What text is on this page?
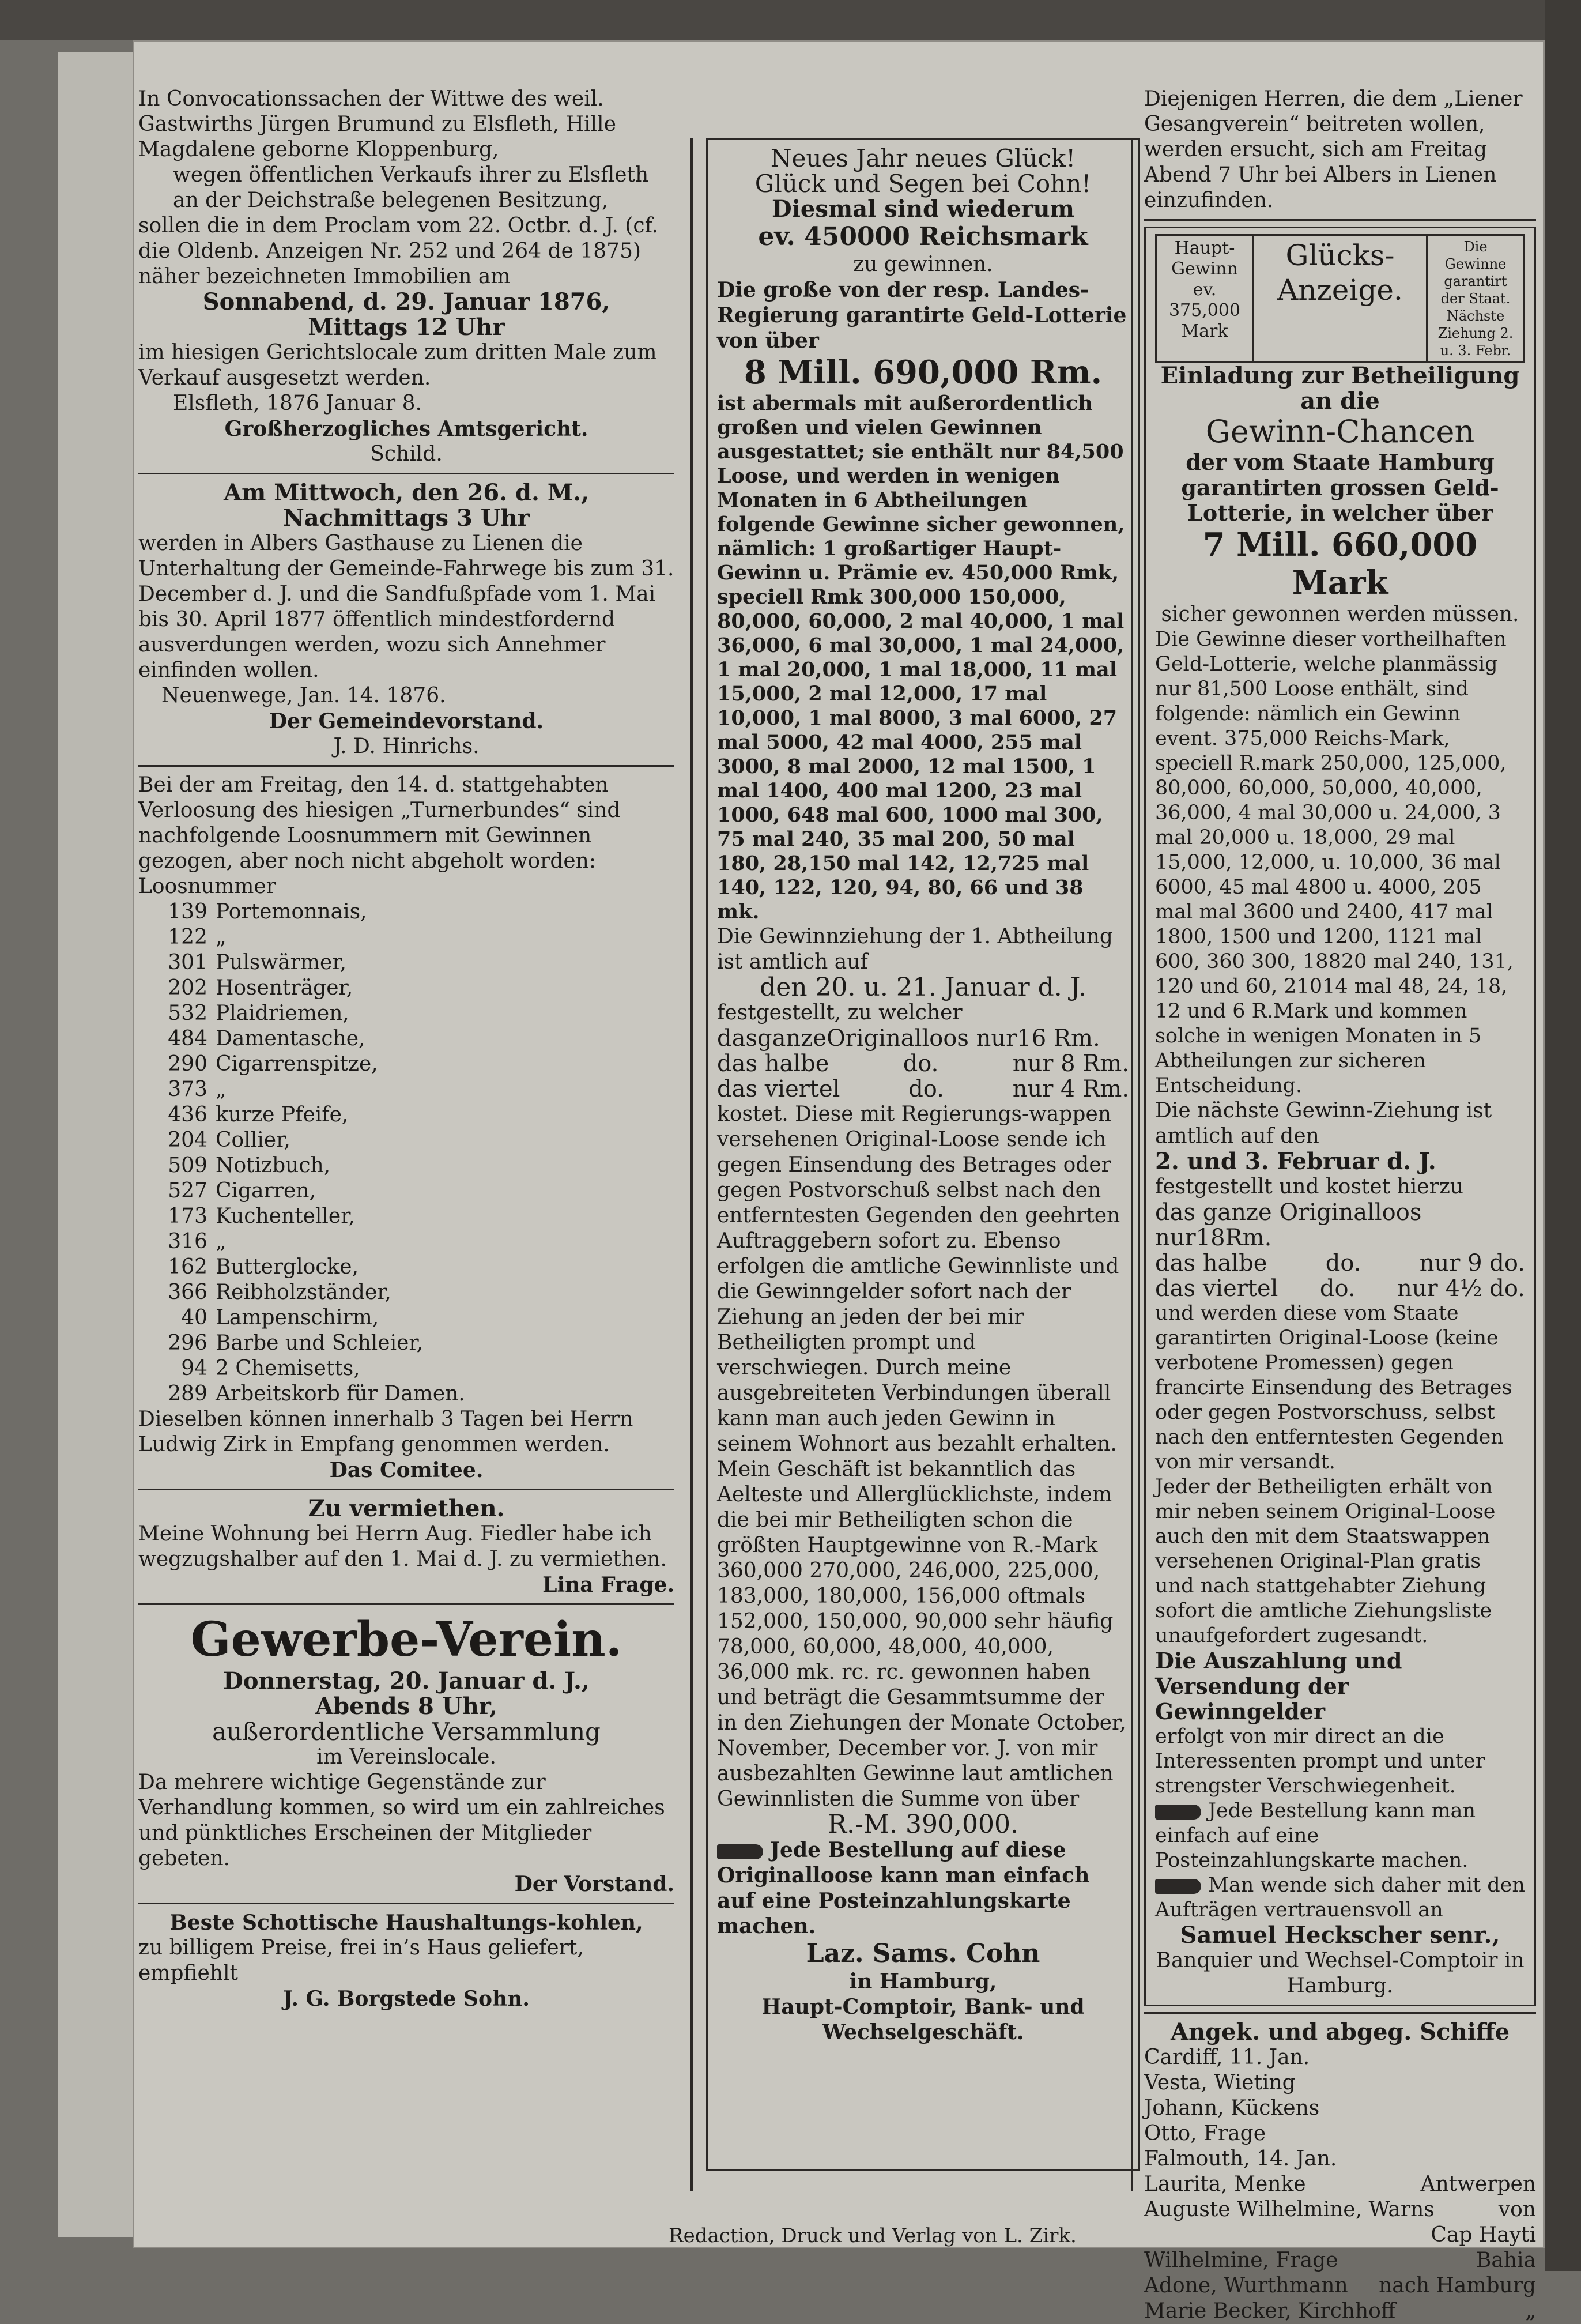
In Convocationssachen der Wittwe des weil. Gastwirths Jürgen Brumund zu Elsfleth, Hille Magdalene geborne Kloppenburg,

wegen öffentlichen Verkaufs ihrer zu Elsfleth an der Deichstraße belegenen Besitzung,

sollen die in dem Proclam vom 22. Octbr. d. J. (cf. die Oldenb. Anzeigen Nr. 252 und 264 de 1875) näher bezeichneten Immobilien am

Sonnabend, d. 29. Januar 1876,

Mittags 12 Uhr

im hiesigen Gerichtslocale zum dritten Male zum Verkauf ausgesetzt werden.

Elsfleth, 1876 Januar 8.

Großherzogliches Amtsgericht.

Schild.

Am Mittwoch, den 26. d. M.,

Nachmittags 3 Uhr

werden in Albers Gasthause zu Lienen die Unterhaltung der Gemeinde-Fahrwege bis zum 31. December d. J. und die Sandfußpfade vom 1. Mai bis 30. April 1877 öffentlich mindestfordernd ausverdungen werden, wozu sich Annehmer einfinden wollen.

Neuenwege, Jan. 14. 1876.

Der Gemeindevorstand.

J. D. Hinrichs.

Bei der am Freitag, den 14. d. stattgehabten Verloosung des hiesigen „Turnerbundes“ sind nachfolgende Loosnummern mit Gewinnen gezogen, aber noch nicht abgeholt worden:

Loosnummer

139 Portemonnais,
122 „
301 Pulswärmer,
202 Hosenträger,
532 Plaidriemen,
484 Damentasche,
290 Cigarrenspitze,
373 „
436 kurze Pfeife,
204 Collier,
509 Notizbuch,
527 Cigarren,
173 Kuchenteller,
316 „
162 Butterglocke,
366 Reibholzständer,
40 Lampenschirm,
296 Barbe und Schleier,
94 2 Chemisetts,
289 Arbeitskorb für Damen.

Dieselben können innerhalb 3 Tagen bei Herrn Ludwig Zirk in Empfang genommen werden.

Das Comitee.

Zu vermiethen.

Meine Wohnung bei Herrn Aug. Fiedler habe ich wegzugshalber auf den 1. Mai d. J. zu vermiethen.

Lina Frage.

Gewerbe-Verein.

Donnerstag, 20. Januar d. J.,

Abends 8 Uhr,

außerordentliche Versammlung

im Vereinslocale.

Da mehrere wichtige Gegenstände zur Verhandlung kommen, so wird um ein zahlreiches und pünktliches Erscheinen der Mitglieder gebeten.

Der Vorstand.

Beste Schottische Haushaltungs-kohlen,

zu billigem Preise, frei in’s Haus geliefert, empfiehlt

J. G. Borgstede Sohn.

Neues Jahr neues Glück!

Glück und Segen bei Cohn!

Diesmal sind wiederum

ev. 450000 Reichsmark

zu gewinnen.

Die große von der resp. Landes-Regierung garantirte Geld-Lotterie von über

8 Mill. 690,000 Rm.

ist abermals mit außerordentlich großen und vielen Gewinnen ausgestattet; sie enthält nur 84,500 Loose, und werden in wenigen Monaten in 6 Abtheilungen folgende Gewinne sicher gewonnen, nämlich: 1 großartiger Haupt-Gewinn u. Prämie ev. 450,000 Rmk, speciell Rmk 300,000 150,000, 80,000, 60,000, 2 mal 40,000, 1 mal 36,000, 6 mal 30,000, 1 mal 24,000, 1 mal 20,000, 1 mal 18,000, 11 mal 15,000, 2 mal 12,000, 17 mal 10,000, 1 mal 8000, 3 mal 6000, 27 mal 5000, 42 mal 4000, 255 mal 3000, 8 mal 2000, 12 mal 1500, 1 mal 1400, 400 mal 1200, 23 mal 1000, 648 mal 600, 1000 mal 300, 75 mal 240, 35 mal 200, 50 mal 180, 28,150 mal 142, 12,725 mal 140, 122, 120, 94, 80, 66 und 38 mk.

Die Gewinnziehung der 1. Abtheilung ist amtlich auf

den 20. u. 21. Januar d. J.

festgestellt, zu welcher

dasganzeOriginalloos nur16 Rm.

das halbe	do.	nur 8 Rm.
das viertel	do.	nur 4 Rm.

kostet. Diese mit Regierungs-wappen versehenen Original-Loose sende ich gegen Einsendung des Betrages oder gegen Postvorschuß selbst nach den entferntesten Gegenden den geehrten Auftraggebern sofort zu. Ebenso erfolgen die amtliche Gewinnliste und die Gewinngelder sofort nach der Ziehung an jeden der bei mir Betheiligten prompt und verschwiegen. Durch meine ausgebreiteten Verbindungen überall kann man auch jeden Gewinn in seinem Wohnort aus bezahlt erhalten.

Mein Geschäft ist bekanntlich das Aelteste und Allerglücklichste, indem die bei mir Betheiligten schon die größten Hauptgewinne von R.-Mark 360,000 270,000, 246,000, 225,000, 183,000, 180,000, 156,000 oftmals 152,000, 150,000, 90,000 sehr häufig 78,000, 60,000, 48,000, 40,000, 36,000 mk. rc. rc. gewonnen haben und beträgt die Gesammtsumme der in den Ziehungen der Monate October, November, December vor. J. von mir ausbezahlten Gewinne laut amtlichen Gewinnlisten die Summe von über

R.-M. 390,000.

Jede Bestellung auf diese Originalloose kann man einfach auf eine Posteinzahlungskarte machen.

Laz. Sams. Cohn

in Hamburg,

Haupt-Comptoir, Bank- und Wechselgeschäft.

Diejenigen Herren, die dem „Liener Gesangverein“ beitreten wollen, werden ersucht, sich am Freitag Abend 7 Uhr bei Albers in Lienen einzufinden.

Haupt-Gewinn ev. 375,000 Mark
Glücks-Anzeige.
Die Gewinne garantirt der Staat. Nächste Ziehung 2. u. 3. Febr.

Einladung zur Betheiligung an die

Gewinn-Chancen

der vom Staate Hamburg garantirten grossen Geld-Lotterie, in welcher über

7 Mill. 660,000 Mark

sicher gewonnen werden müssen.

Die Gewinne dieser vortheilhaften Geld-Lotterie, welche planmässig nur 81,500 Loose enthält, sind folgende: nämlich ein Gewinn event. 375,000 Reichs-Mark, speciell R.mark 250,000, 125,000, 80,000, 60,000, 50,000, 40,000, 36,000, 4 mal 30,000 u. 24,000, 3 mal 20,000 u. 18,000, 29 mal 15,000, 12,000, u. 10,000, 36 mal 6000, 45 mal 4800 u. 4000, 205 mal mal 3600 und 2400, 417 mal 1800, 1500 und 1200, 1121 mal 600, 360 300, 18820 mal 240, 131, 120 und 60, 21014 mal 48, 24, 18, 12 und 6 R.Mark und kommen solche in wenigen Monaten in 5 Abtheilungen zur sicheren Entscheidung.

Die nächste Gewinn-Ziehung ist amtlich auf den

2. und 3. Februar d. J.

festgestellt und kostet hierzu

das ganze Originalloos nur18Rm.

das halbe	do.	nur 9 do.
das viertel do. nur 4½ do.

und werden diese vom Staate garantirten Original-Loose (keine verbotene Promessen) gegen francirte Einsendung des Betrages oder gegen Postvorschuss, selbst nach den entferntesten Gegenden von mir versandt.

Jeder der Betheiligten erhält von mir neben seinem Original-Loose auch den mit dem Staatswappen versehenen Original-Plan gratis und nach stattgehabter Ziehung sofort die amtliche Ziehungsliste unaufgefordert zugesandt.

Die Auszahlung und Versendung der Gewinngelder

erfolgt von mir direct an die Interessenten prompt und unter strengster Verschwiegenheit.

Jede Bestellung kann man einfach auf eine Posteinzahlungskarte machen.

Man wende sich daher mit den Aufträgen vertrauensvoll an

Samuel Heckscher senr.,

Banquier und Wechsel-Comptoir in Hamburg.

Angek. und abgeg. Schiffe

Cardiff, 11. Jan.
Vesta, Wieting
Johann, Kückens
Otto, Frage
Falmouth, 14. Jan.
Laurita, Menke	Antwerpen
Auguste Wilhelmine, Warns	von
Cap Hayti
Wilhelmine, Frage	Bahia
Adone, Wurthmann nach Hamburg
Marie Becker, Kirchhoff	„
Redaction, Druck und Verlag von L. Zirk.
